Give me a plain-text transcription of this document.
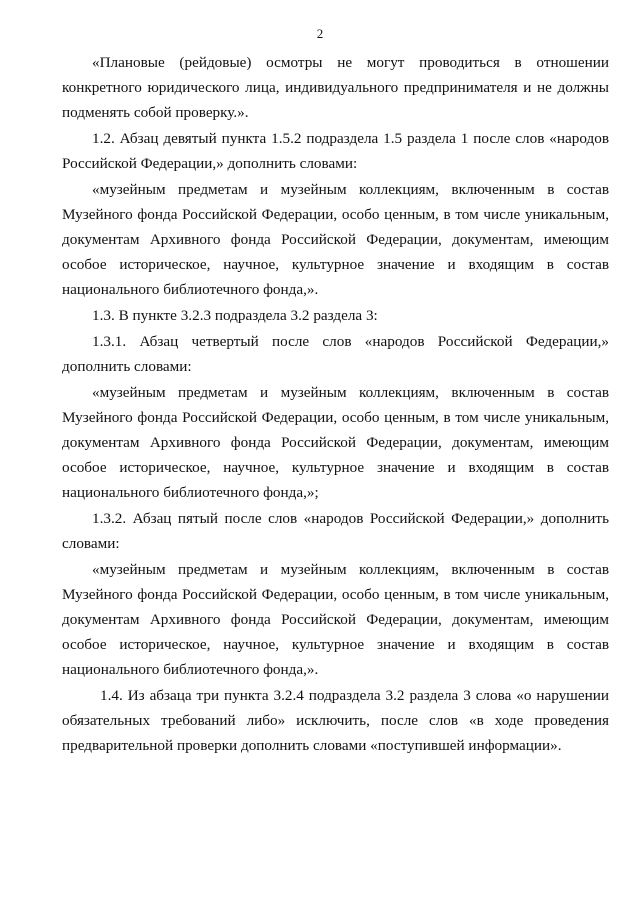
2

«Плановые (рейдовые) осмотры не могут проводиться в отношении конкретного юридического лица, индивидуального предпринимателя и не должны подменять собой проверку.».

1.2. Абзац девятый пункта 1.5.2 подраздела 1.5 раздела 1 после слов «народов Российской Федерации,» дополнить словами:

«музейным предметам и музейным коллекциям, включенным в состав Музейного фонда Российской Федерации, особо ценным, в том числе уникальным, документам Архивного фонда Российской Федерации, документам, имеющим особое историческое, научное, культурное значение и входящим в состав национального библиотечного фонда,».

1.3. В пункте 3.2.3 подраздела 3.2 раздела 3:

1.3.1. Абзац четвертый после слов «народов Российской Федерации,» дополнить словами:

«музейным предметам и музейным коллекциям, включенным в состав Музейного фонда Российской Федерации, особо ценным, в том числе уникальным, документам Архивного фонда Российской Федерации, документам, имеющим особое историческое, научное, культурное значение и входящим в состав национального библиотечного фонда,»;

1.3.2. Абзац пятый после слов «народов Российской Федерации,» дополнить словами:

«музейным предметам и музейным коллекциям, включенным в состав Музейного фонда Российской Федерации, особо ценным, в том числе уникальным, документам Архивного фонда Российской Федерации, документам, имеющим особое историческое, научное, культурное значение и входящим в состав национального библиотечного фонда,».

1.4. Из абзаца три пункта 3.2.4 подраздела 3.2 раздела 3 слова «о нарушении обязательных требований либо» исключить, после слов «в ходе проведения предварительной проверки дополнить словами «поступившей информации».
